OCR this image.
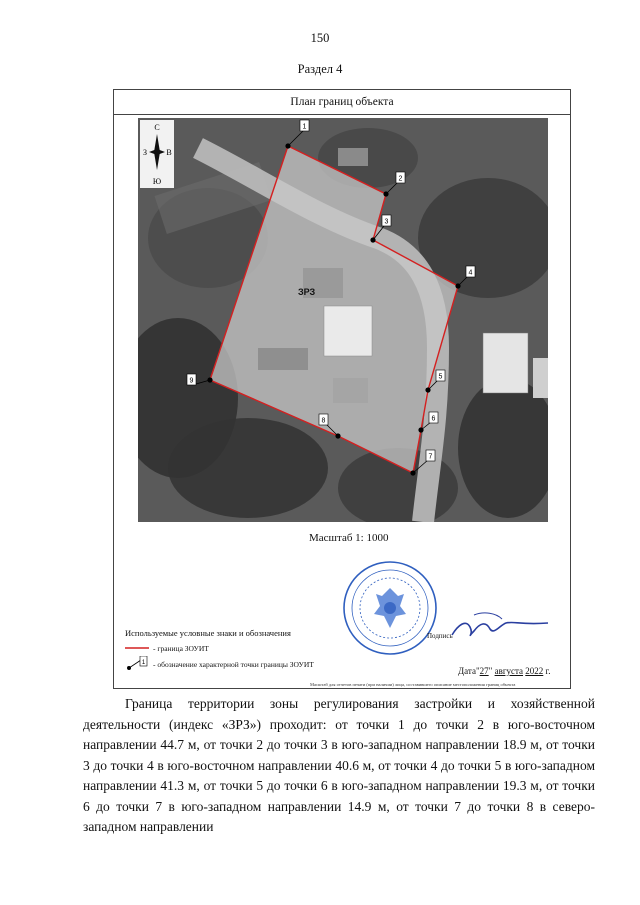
150
Раздел 4
План границ объекта
1
2
3
4
5
6
7
8
9
ЗРЗ
С
З В
Ю
Масштаб 1: 1000
Подпись
Используемые условные знаки и обозначения
- граница ЗОУИТ
1 - обозначение характерной точки границы ЗОУИТ
Дата"27" августа 2022 г.
Масштаб для отчетов печати (при наличии) лица, составившего описание местоположения границ объекта
Граница территории зоны регулирования застройки и хозяйственной деятельности (индекс «ЗРЗ») проходит: от точки 1 до точки 2 в юго-восточном направлении 44.7 м, от точки 2 до точки 3 в юго-западном направлении 18.9 м, от точки 3 до точки 4 в юго-восточном направлении 40.6 м, от точки 4 до точки 5 в юго-западном направлении 41.3 м, от точки 5 до точки 6 в юго-западном направлении 19.3 м, от точки 6 до точки 7 в юго-западном направлении 14.9 м, от точки 7 до точки 8 в северо-западном направлении
